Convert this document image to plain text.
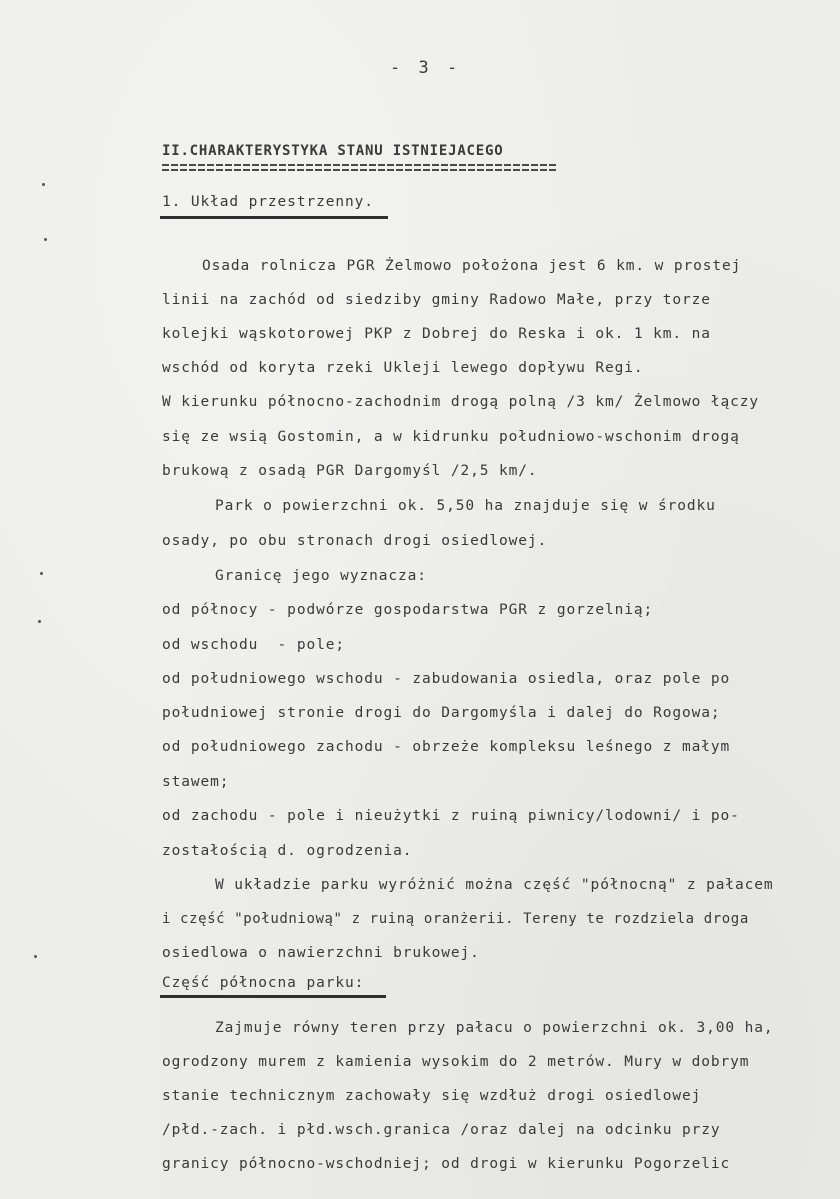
- 3 -
II.CHARAKTERYSTYKA STANU ISTNIEJACEGO
1. Układ przestrzenny.
Osada rolnicza PGR Żelmowo położona jest 6 km. w prostej
linii na zachód od siedziby gminy Radowo Małe, przy torze
kolejki wąskotorowej PKP z Dobrej do Reska i ok. 1 km. na
wschód od koryta rzeki Ukleji lewego dopływu Regi.
W kierunku północno-zachodnim drogą polną /3 km/ Żelmowo łączy
się ze wsią Gostomin, a w kidrunku południowo-wschonim drogą
brukową z osadą PGR Dargomyśl /2,5 km/.
Park o powierzchni ok. 5,50 ha znajduje się w środku
osady, po obu stronach drogi osiedlowej.
Granicę jego wyznacza:
od północy - podwórze gospodarstwa PGR z gorzelnią;
od wschodu  - pole;
od południowego wschodu - zabudowania osiedla, oraz pole po
południowej stronie drogi do Dargomyśla i dalej do Rogowa;
od południowego zachodu - obrzeże kompleksu leśnego z małym
stawem;
od zachodu - pole i nieużytki z ruiną piwnicy/lodowni/ i po-
zostałością d. ogrodzenia.
W układzie parku wyróżnić można część "północną" z pałacem
i część "południową" z ruiną oranżerii. Tereny te rozdziela droga
osiedlowa o nawierzchni brukowej.
Część północna parku:
Zajmuje równy teren przy pałacu o powierzchni ok. 3,00 ha,
ogrodzony murem z kamienia wysokim do 2 metrów. Mury w dobrym
stanie technicznym zachowały się wzdłuż drogi osiedlowej
/płd.-zach. i płd.wsch.granica /oraz dalej na odcinku przy
granicy północno-wschodniej; od drogi w kierunku Pogorzelic
